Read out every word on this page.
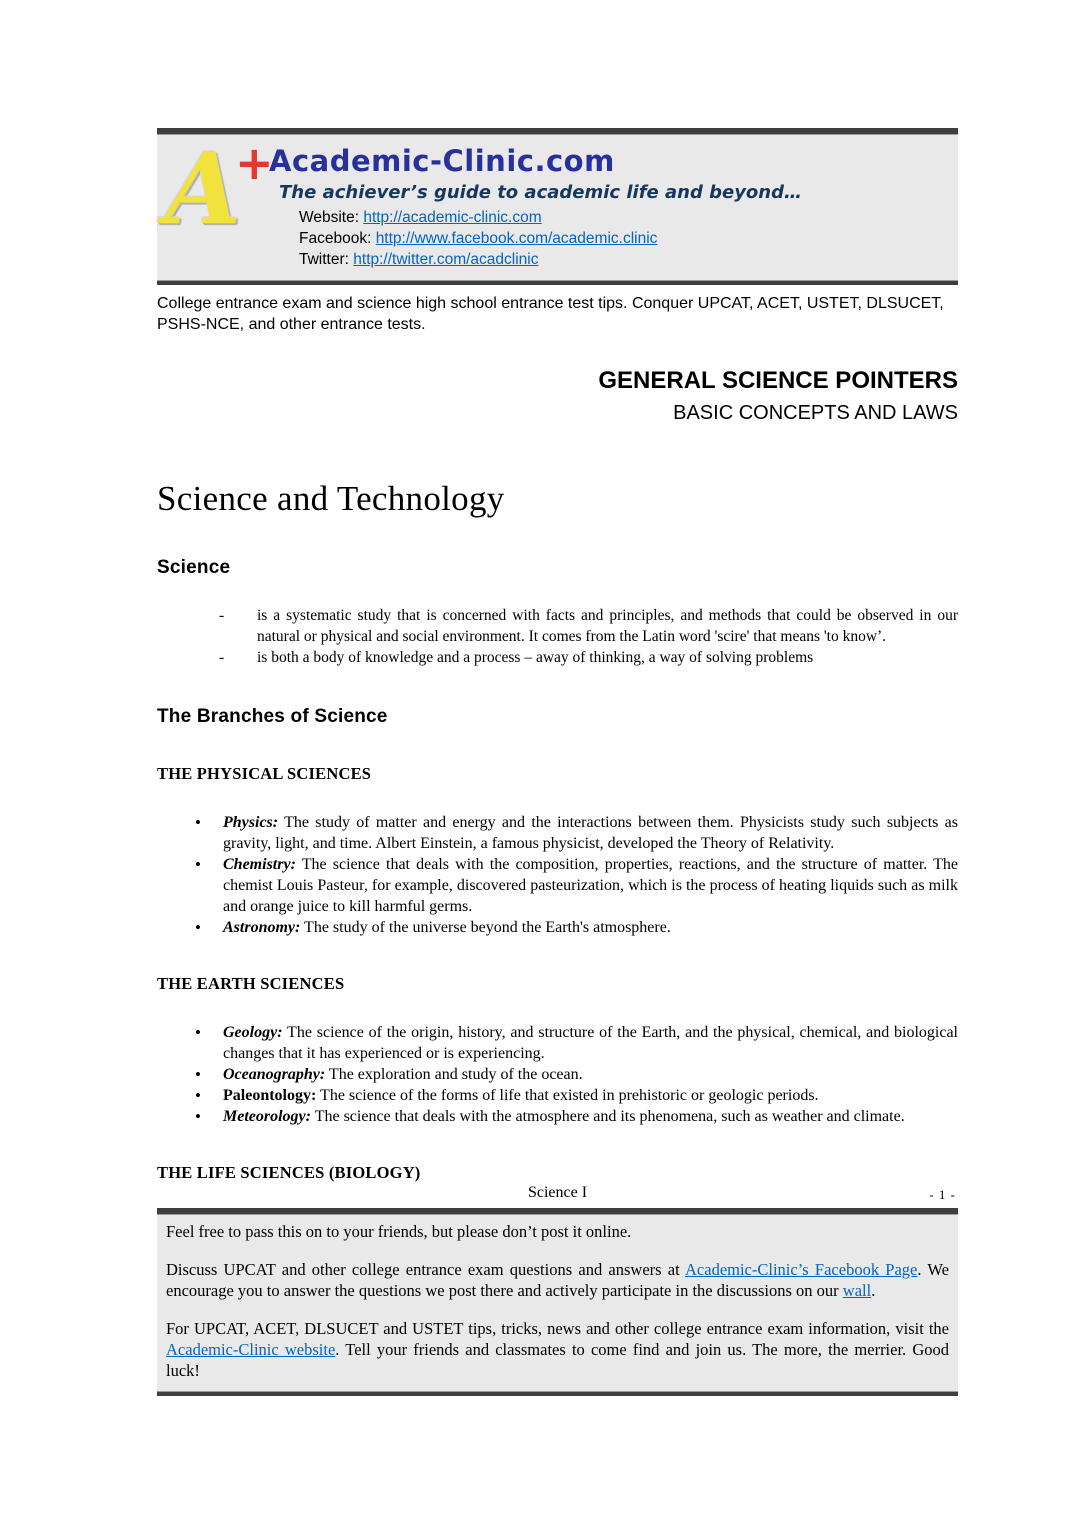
A+
Academic-Clinic.com
The achiever’s guide to academic life and beyond…
Website: http://academic-clinic.com
Facebook: http://www.facebook.com/academic.clinic
Twitter: http://twitter.com/acadclinic
College entrance exam and science high school entrance test tips. Conquer UPCAT, ACET, USTET, DLSUCET, PSHS-NCE, and other entrance tests.
GENERAL SCIENCE POINTERS
BASIC CONCEPTS AND LAWS
Science and Technology
Science
- is a systematic study that is concerned with facts and principles, and methods that could be observed in our natural or physical and social environment. It comes from the Latin word 'scire' that means 'to know’.
- is both a body of knowledge and a process – away of thinking, a way of solving problems
The Branches of Science
THE PHYSICAL SCIENCES
• Physics: The study of matter and energy and the interactions between them. Physicists study such subjects as gravity, light, and time. Albert Einstein, a famous physicist, developed the Theory of Relativity.
• Chemistry: The science that deals with the composition, properties, reactions, and the structure of matter. The chemist Louis Pasteur, for example, discovered pasteurization, which is the process of heating liquids such as milk and orange juice to kill harmful germs.
• Astronomy: The study of the universe beyond the Earth's atmosphere.
THE EARTH SCIENCES
• Geology: The science of the origin, history, and structure of the Earth, and the physical, chemical, and biological changes that it has experienced or is experiencing.
• Oceanography: The exploration and study of the ocean.
• Paleontology: The science of the forms of life that existed in prehistoric or geologic periods.
• Meteorology: The science that deals with the atmosphere and its phenomena, such as weather and climate.
THE LIFE SCIENCES (BIOLOGY)
Science I	- 1 -

Feel free to pass this on to your friends, but please don’t post it online.

Discuss UPCAT and other college entrance exam questions and answers at Academic-Clinic’s Facebook Page. We encourage you to answer the questions we post there and actively participate in the discussions on our wall.

For UPCAT, ACET, DLSUCET and USTET tips, tricks, news and other college entrance exam information, visit the Academic-Clinic website. Tell your friends and classmates to come find and join us. The more, the merrier. Good luck!
